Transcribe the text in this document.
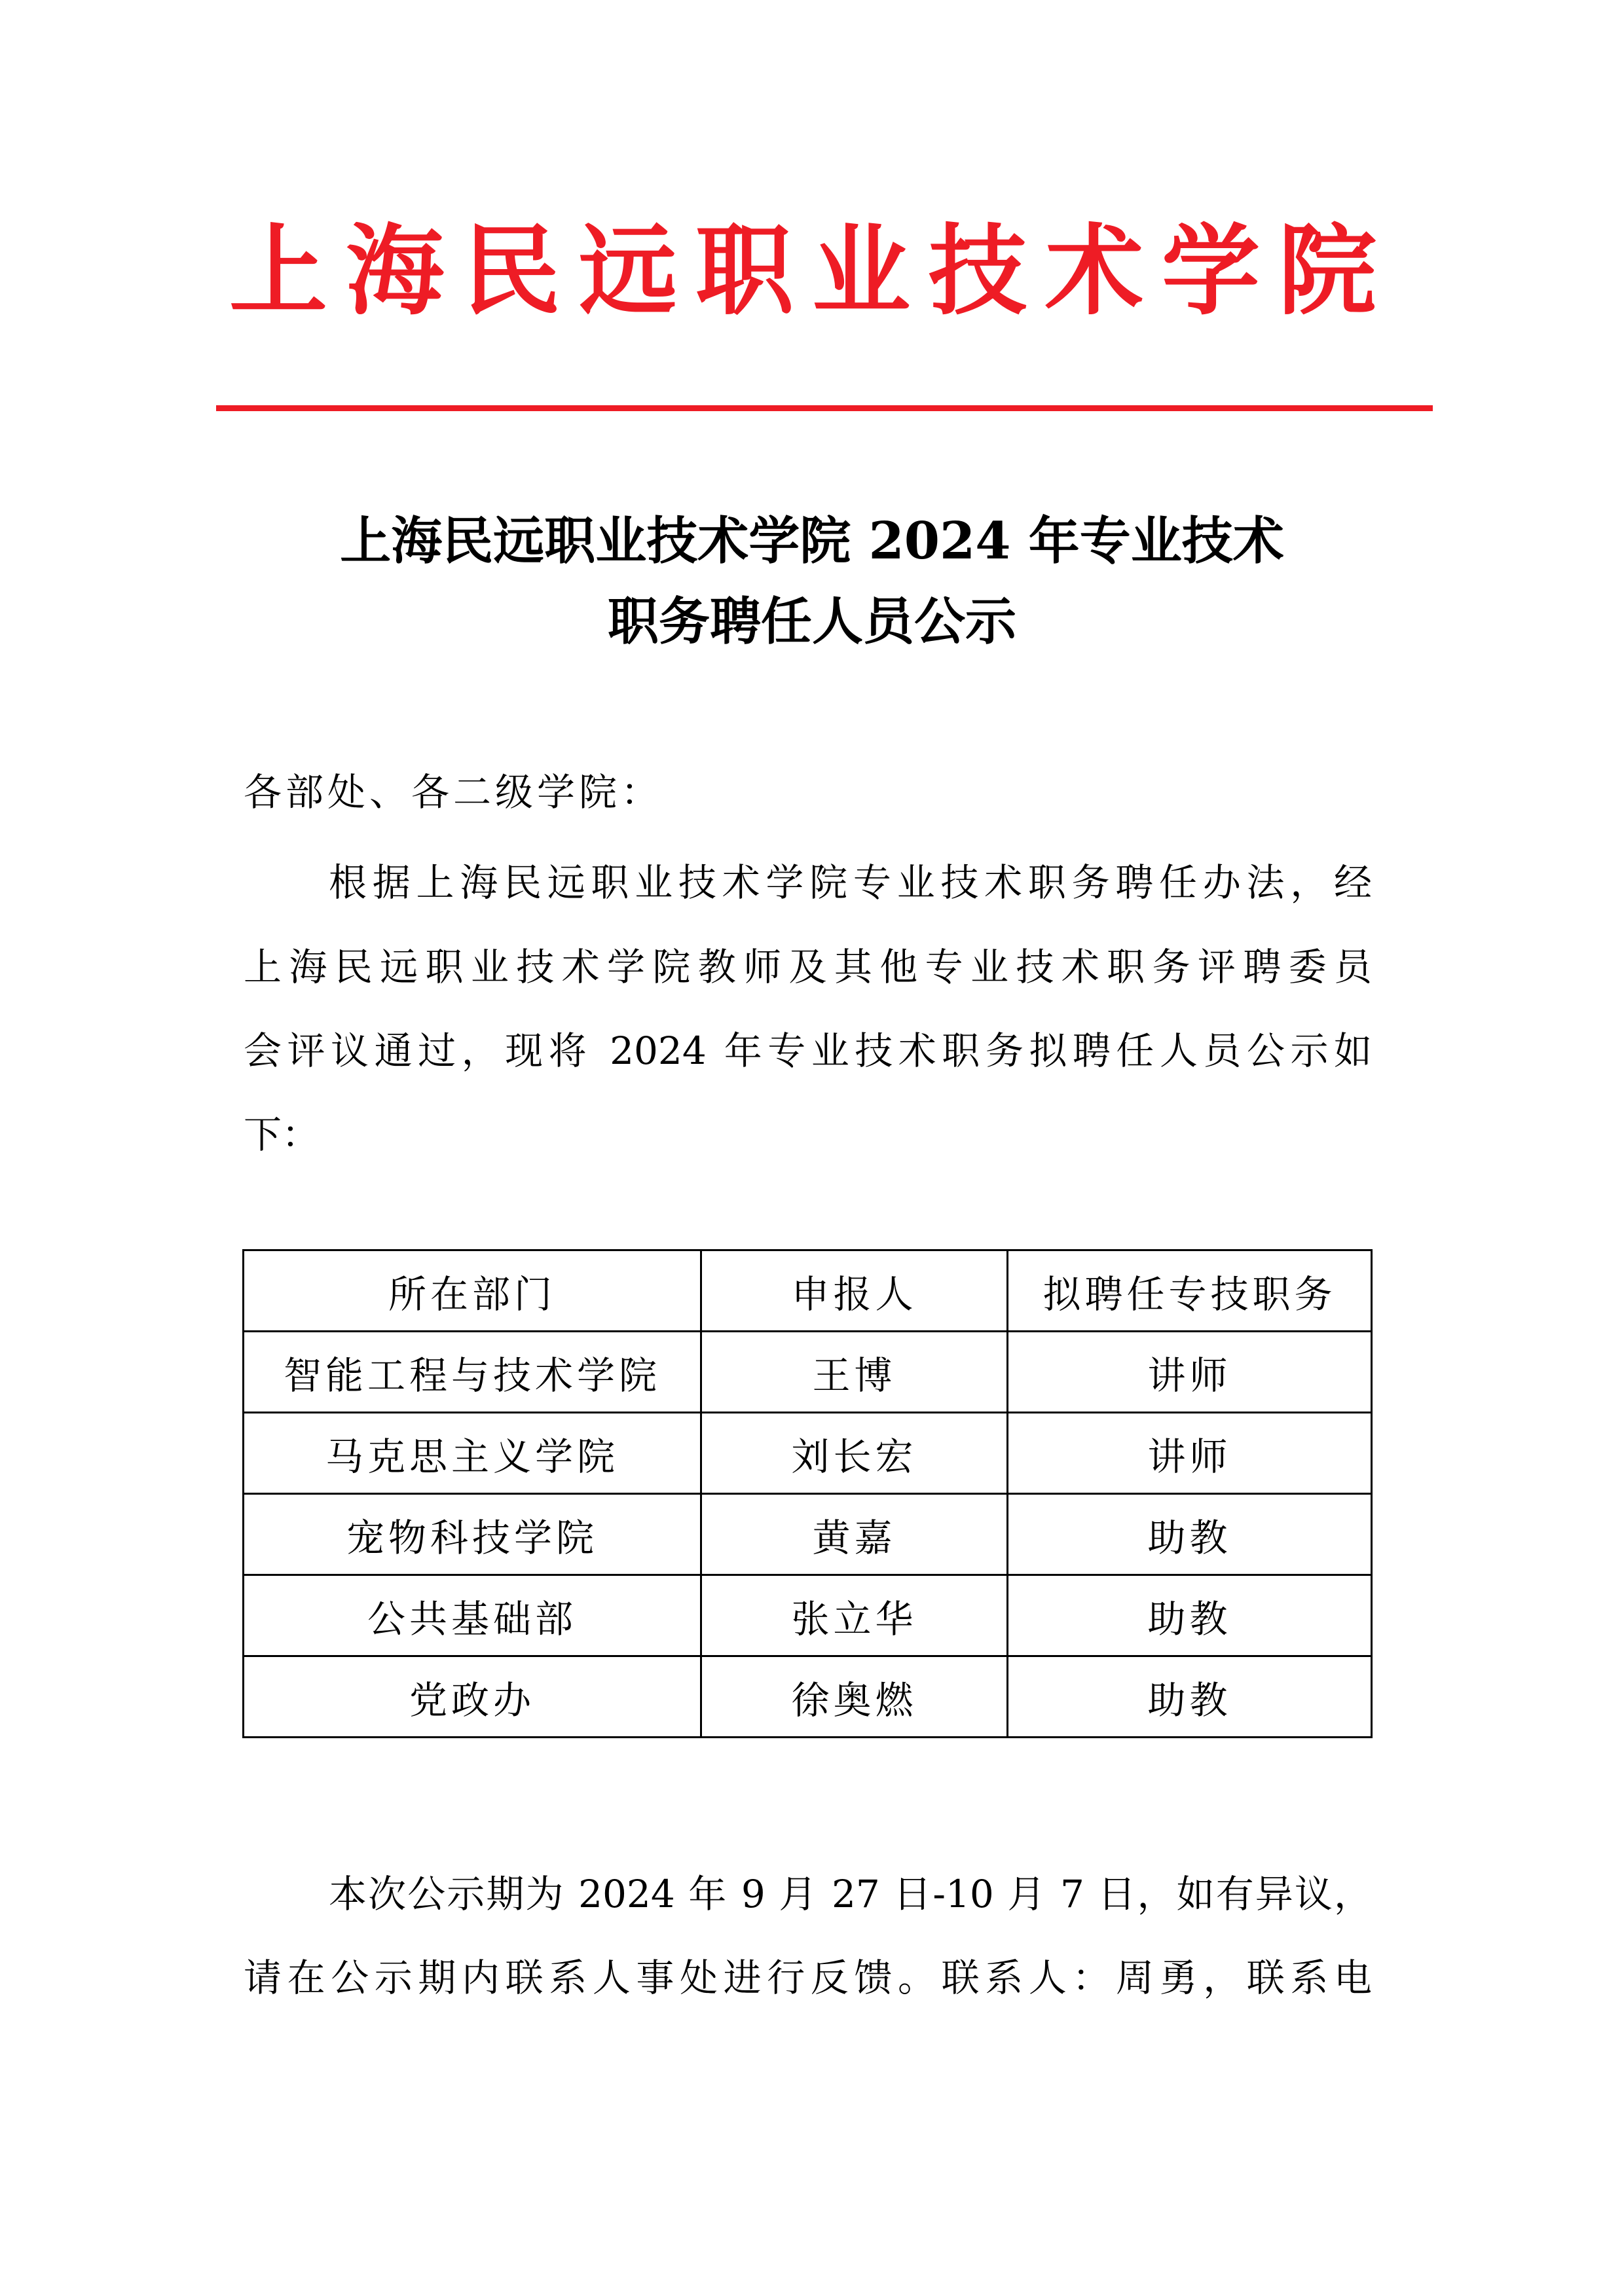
上海民远职业技术学院
上海民远职业技术学院 2024 年专业技术
职务聘任人员公示
各部处、各二级学院：
根据上海民远职业技术学院专业技术职务聘任办法，经
上海民远职业技术学院教师及其他专业技术职务评聘委员
会评议通过，现将 2024 年专业技术职务拟聘任人员公示如
下：
所在部门	申报人	拟聘任专技职务
智能工程与技术学院	王博	讲师
马克思主义学院	刘长宏	讲师
宠物科技学院	黄嘉	助教
公共基础部	张立华	助教
党政办	徐奥燃	助教
本次公示期为 2024 年 9 月 27 日-10 月 7 日，如有异议，
请在公示期内联系人事处进行反馈。联系人：周勇，联系电
